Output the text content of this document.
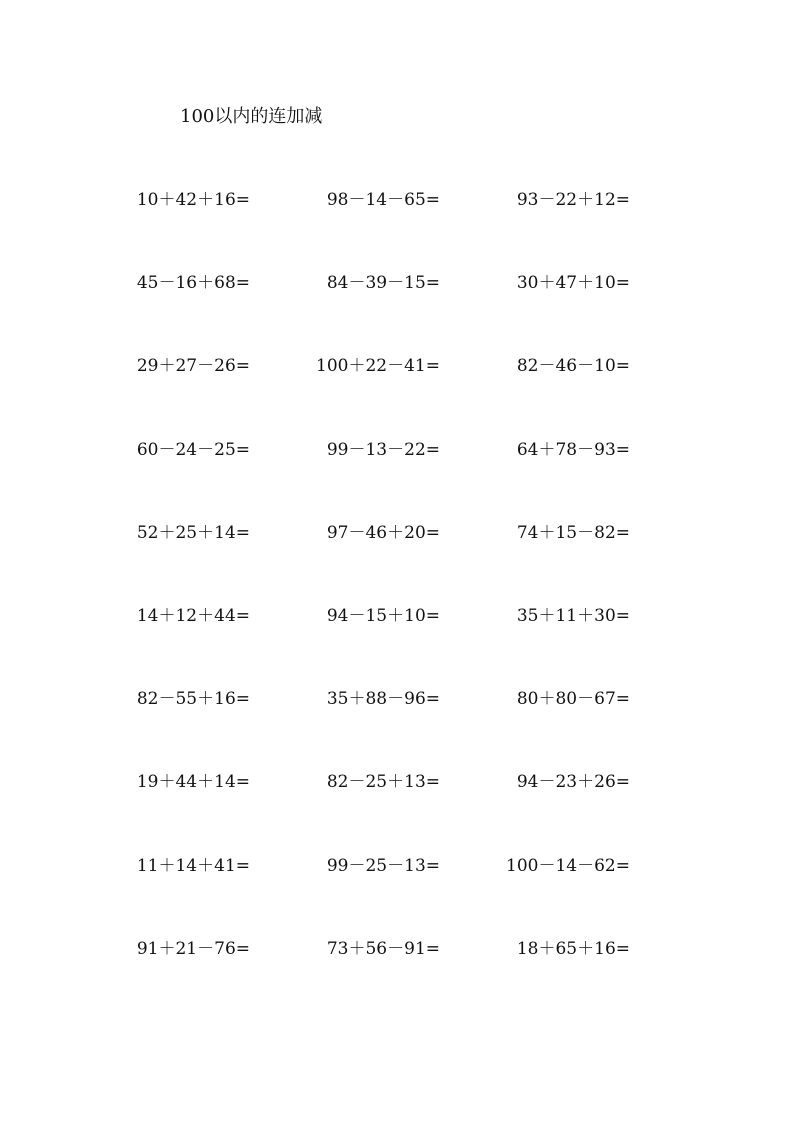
100以内的连加减
10＋42＋16=	98－14－65=	93－22＋12=
45－16＋68=	84－39－15=	30＋47＋10=
29＋27－26=	100＋22－41=	82－46－10=
60－24－25=	99－13－22=	64＋78－93=
52＋25＋14=	97－46＋20=	74＋15－82=
14＋12＋44=	94－15＋10=	35＋11＋30=
82－55＋16=	35＋88－96=	80＋80－67=
19＋44＋14=	82－25＋13=	94－23＋26=
11＋14＋41=	99－25－13=	100－14－62=
91＋21－76=	73＋56－91=	18＋65＋16=
